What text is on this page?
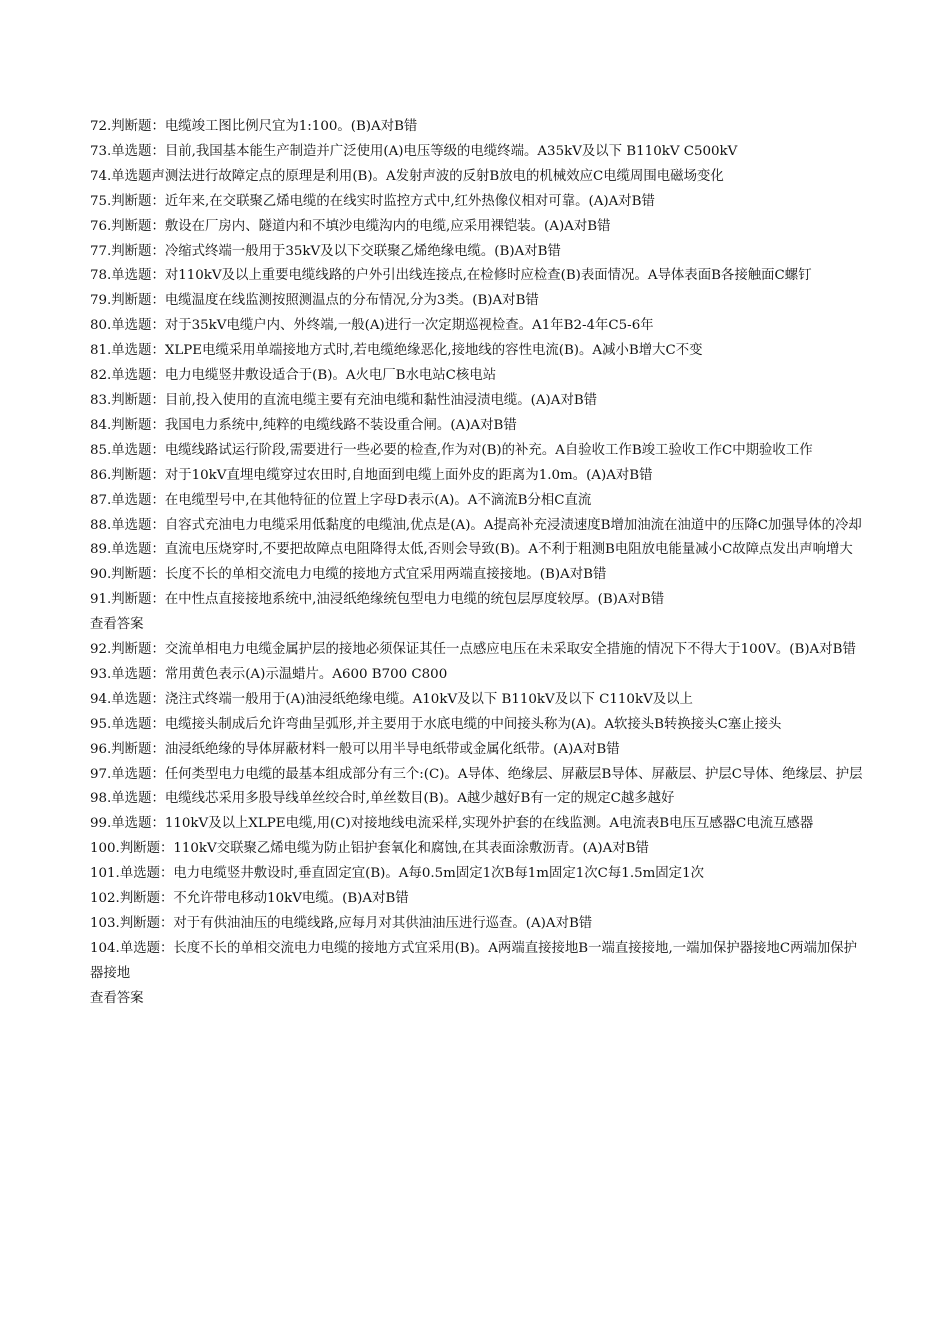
72.判断题：电缆竣工图比例尺宜为1:100。(B)A对B错

73.单选题：目前,我国基本能生产制造并广泛使用(A)电压等级的电缆终端。A35kV及以下 B110kV C500kV

74.单选题声测法进行故障定点的原理是利用(B)。A发射声波的反射B放电的机械效应C电缆周围电磁场变化

75.判断题：近年来,在交联聚乙烯电缆的在线实时监控方式中,红外热像仪相对可靠。(A)A对B错

76.判断题：敷设在厂房内、隧道内和不填沙电缆沟内的电缆,应采用裸铠装。(A)A对B错

77.判断题：冷缩式终端一般用于35kV及以下交联聚乙烯绝缘电缆。(B)A对B错

78.单选题：对110kV及以上重要电缆线路的户外引出线连接点,在检修时应检查(B)表面情况。A导体表面B各接触面C螺钉

79.判断题：电缆温度在线监测按照测温点的分布情况,分为3类。(B)A对B错

80.单选题：对于35kV电缆户内、外终端,一般(A)进行一次定期巡视检查。A1年B2-4年C5-6年

81.单选题：XLPE电缆采用单端接地方式时,若电缆绝缘恶化,接地线的容性电流(B)。A减小B增大C不变

82.单选题：电力电缆竖井敷设适合于(B)。A火电厂B水电站C核电站

83.判断题：目前,投入使用的直流电缆主要有充油电缆和黏性油浸渍电缆。(A)A对B错

84.判断题：我国电力系统中,纯粹的电缆线路不装设重合闸。(A)A对B错

85.单选题：电缆线路试运行阶段,需要进行一些必要的检查,作为对(B)的补充。A自验收工作B竣工验收工作C中期验收工作

86.判断题：对于10kV直埋电缆穿过农田时,自地面到电缆上面外皮的距离为1.0m。(A)A对B错

87.单选题：在电缆型号中,在其他特征的位置上字母D表示(A)。A不滴流B分相C直流

88.单选题：自容式充油电力电缆采用低黏度的电缆油,优点是(A)。A提高补充浸渍速度B增加油流在油道中的压降C加强导体的冷却

89.单选题：直流电压烧穿时,不要把故障点电阻降得太低,否则会导致(B)。A不利于粗测B电阻放电能量减小C故障点发出声响增大

90.判断题：长度不长的单相交流电力电缆的接地方式宜采用两端直接接地。(B)A对B错

91.判断题：在中性点直接接地系统中,油浸纸绝缘统包型电力电缆的统包层厚度较厚。(B)A对B错

查看答案

92.判断题：交流单相电力电缆金属护层的接地必须保证其任一点感应电压在未采取安全措施的情况下不得大于100V。(B)A对B错

93.单选题：常用黄色表示(A)示温蜡片。A600 B700 C800

94.单选题：浇注式终端一般用于(A)油浸纸绝缘电缆。A10kV及以下 B110kV及以下 C110kV及以上

95.单选题：电缆接头制成后允许弯曲呈弧形,并主要用于水底电缆的中间接头称为(A)。A软接头B转换接头C塞止接头

96.判断题：油浸纸绝缘的导体屏蔽材料一般可以用半导电纸带或金属化纸带。(A)A对B错

97.单选题：任何类型电力电缆的最基本组成部分有三个:(C)。A导体、绝缘层、屏蔽层B导体、屏蔽层、护层C导体、绝缘层、护层

98.单选题：电缆线芯采用多股导线单丝绞合时,单丝数目(B)。A越少越好B有一定的规定C越多越好

99.单选题：110kV及以上XLPE电缆,用(C)对接地线电流采样,实现外护套的在线监测。A电流表B电压互感器C电流互感器

100.判断题：110kV交联聚乙烯电缆为防止铝护套氧化和腐蚀,在其表面涂敷沥青。(A)A对B错

101.单选题：电力电缆竖井敷设时,垂直固定宜(B)。A每0.5m固定1次B每1m固定1次C每1.5m固定1次

102.判断题：不允许带电移动10kV电缆。(B)A对B错

103.判断题：对于有供油油压的电缆线路,应每月对其供油油压进行巡查。(A)A对B错

104.单选题：长度不长的单相交流电力电缆的接地方式宜采用(B)。A两端直接接地B一端直接接地,一端加保护器接地C两端加保护器接地

查看答案
